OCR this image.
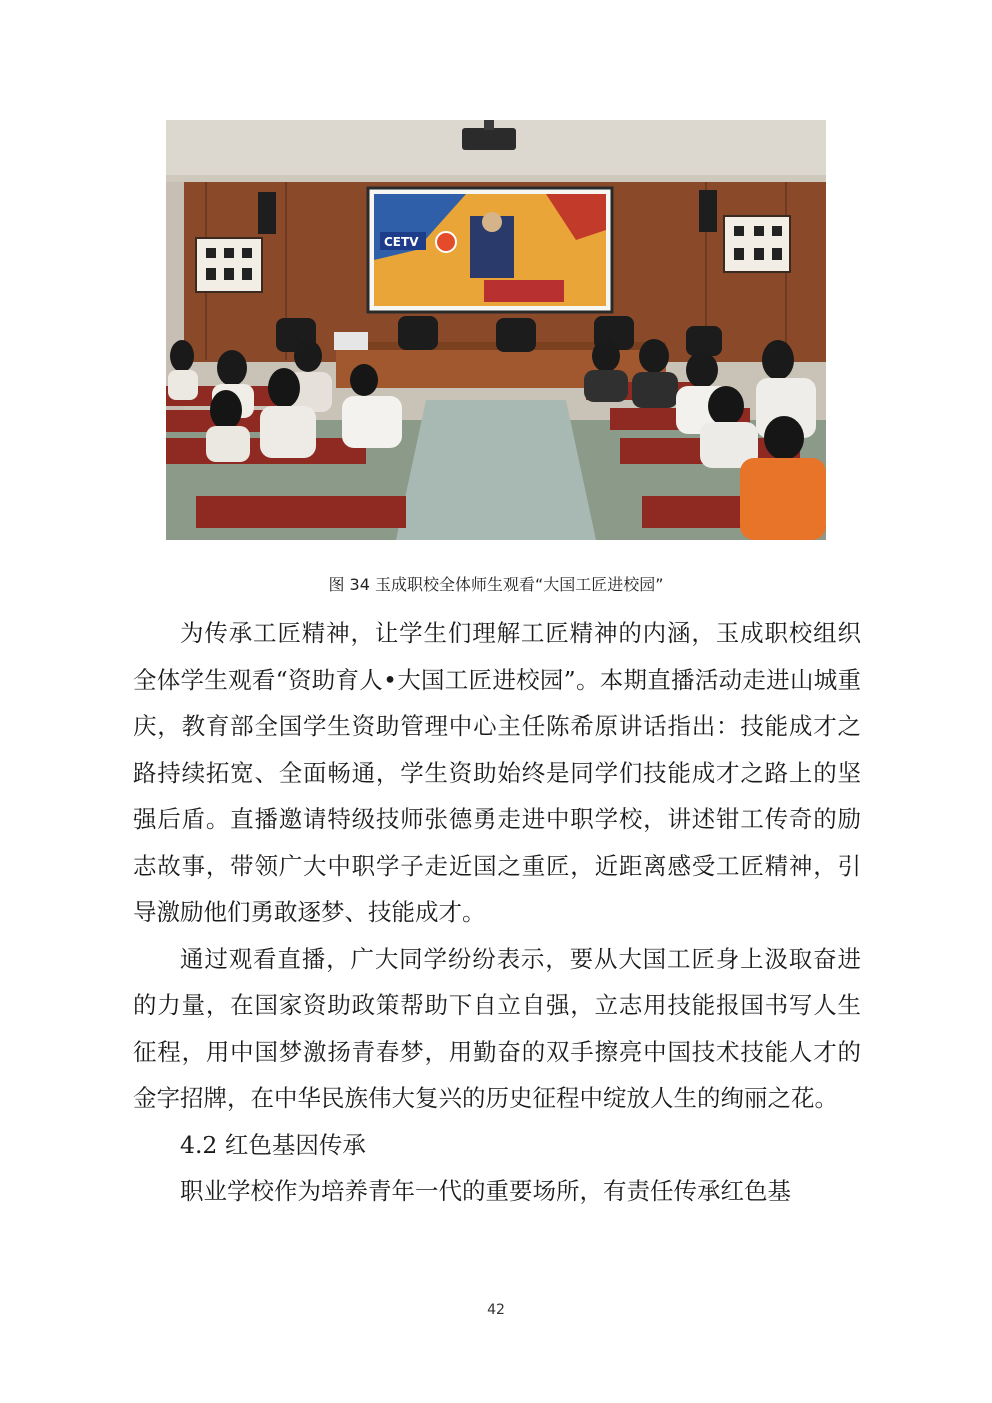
CETV
图 34 玉成职校全体师生观看“大国工匠进校园”

为传承工匠精神，让学生们理解工匠精神的内涵，玉成职校组织全体学生观看“资助育人•大国工匠进校园”。本期直播活动走进山城重庆，教育部全国学生资助管理中心主任陈希原讲话指出：技能成才之路持续拓宽、全面畅通，学生资助始终是同学们技能成才之路上的坚强后盾。直播邀请特级技师张德勇走进中职学校，讲述钳工传奇的励志故事，带领广大中职学子走近国之重匠，近距离感受工匠精神，引导激励他们勇敢逐梦、技能成才。

通过观看直播，广大同学纷纷表示，要从大国工匠身上汲取奋进的力量，在国家资助政策帮助下自立自强，立志用技能报国书写人生征程，用中国梦激扬青春梦，用勤奋的双手擦亮中国技术技能人才的金字招牌，在中华民族伟大复兴的历史征程中绽放人生的绚丽之花。

4.2 红色基因传承

职业学校作为培养青年一代的重要场所，有责任传承红色基

42
